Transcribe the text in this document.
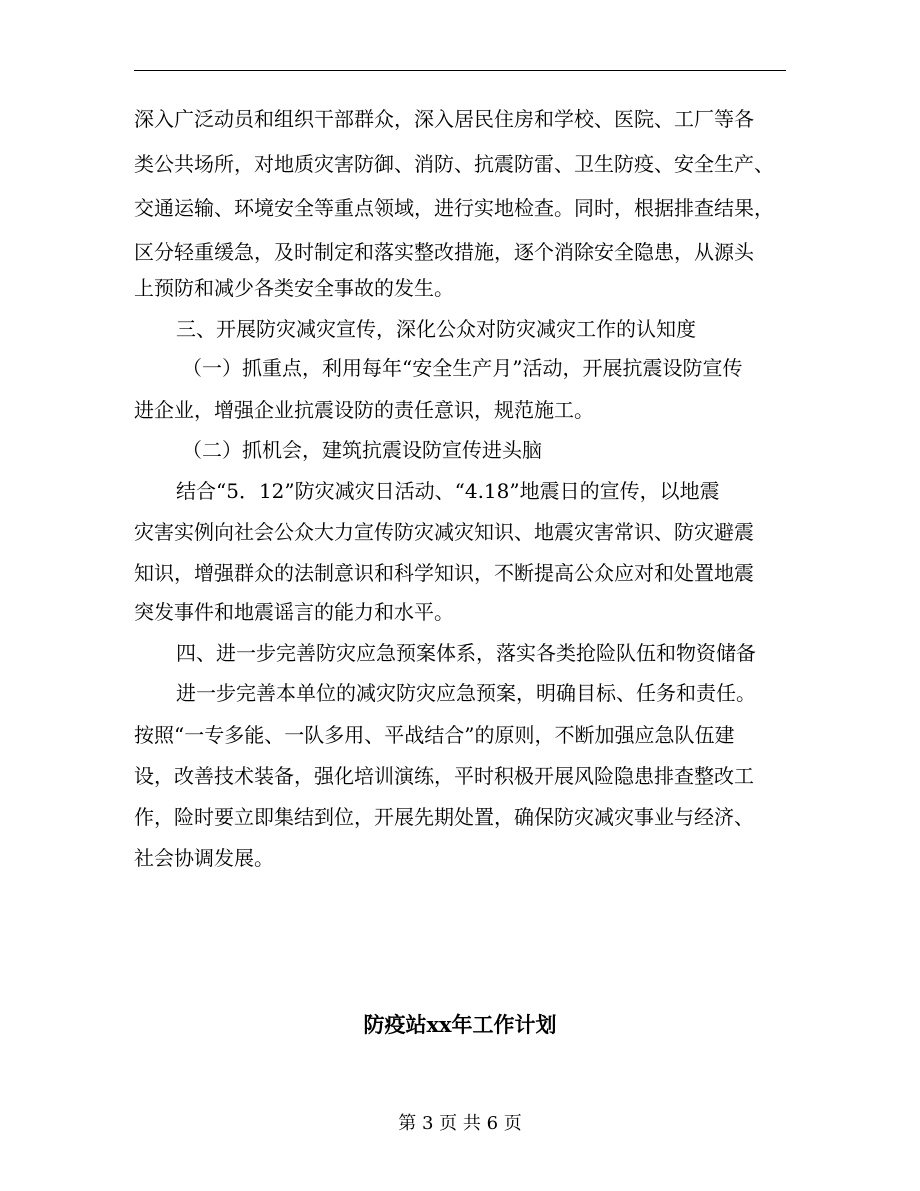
深入广泛动员和组织干部群众，深入居民住房和学校、医院、工厂等各
类公共场所，对地质灾害防御、消防、抗震防雷、卫生防疫、安全生产、
交通运输、环境安全等重点领域，进行实地检查。同时，根据排查结果，
区分轻重缓急，及时制定和落实整改措施，逐个消除安全隐患，从源头
上预防和减少各类安全事故的发生。
三、开展防灾减灾宣传，深化公众对防灾减灾工作的认知度
（一）抓重点，利用每年“安全生产月”活动，开展抗震设防宣传
进企业，增强企业抗震设防的责任意识，规范施工。
（二）抓机会，建筑抗震设防宣传进头脑
结合“5．12”防灾减灾日活动、“4.18”地震日的宣传，以地震
灾害实例向社会公众大力宣传防灾减灾知识、地震灾害常识、防灾避震
知识，增强群众的法制意识和科学知识，不断提高公众应对和处置地震
突发事件和地震谣言的能力和水平。
四、进一步完善防灾应急预案体系，落实各类抢险队伍和物资储备
进一步完善本单位的减灾防灾应急预案，明确目标、任务和责任。
按照“一专多能、一队多用、平战结合”的原则，不断加强应急队伍建
设，改善技术装备，强化培训演练，平时积极开展风险隐患排查整改工
作，险时要立即集结到位，开展先期处置，确保防灾减灾事业与经济、
社会协调发展。
防疫站xx年工作计划
第 3 页 共 6 页
